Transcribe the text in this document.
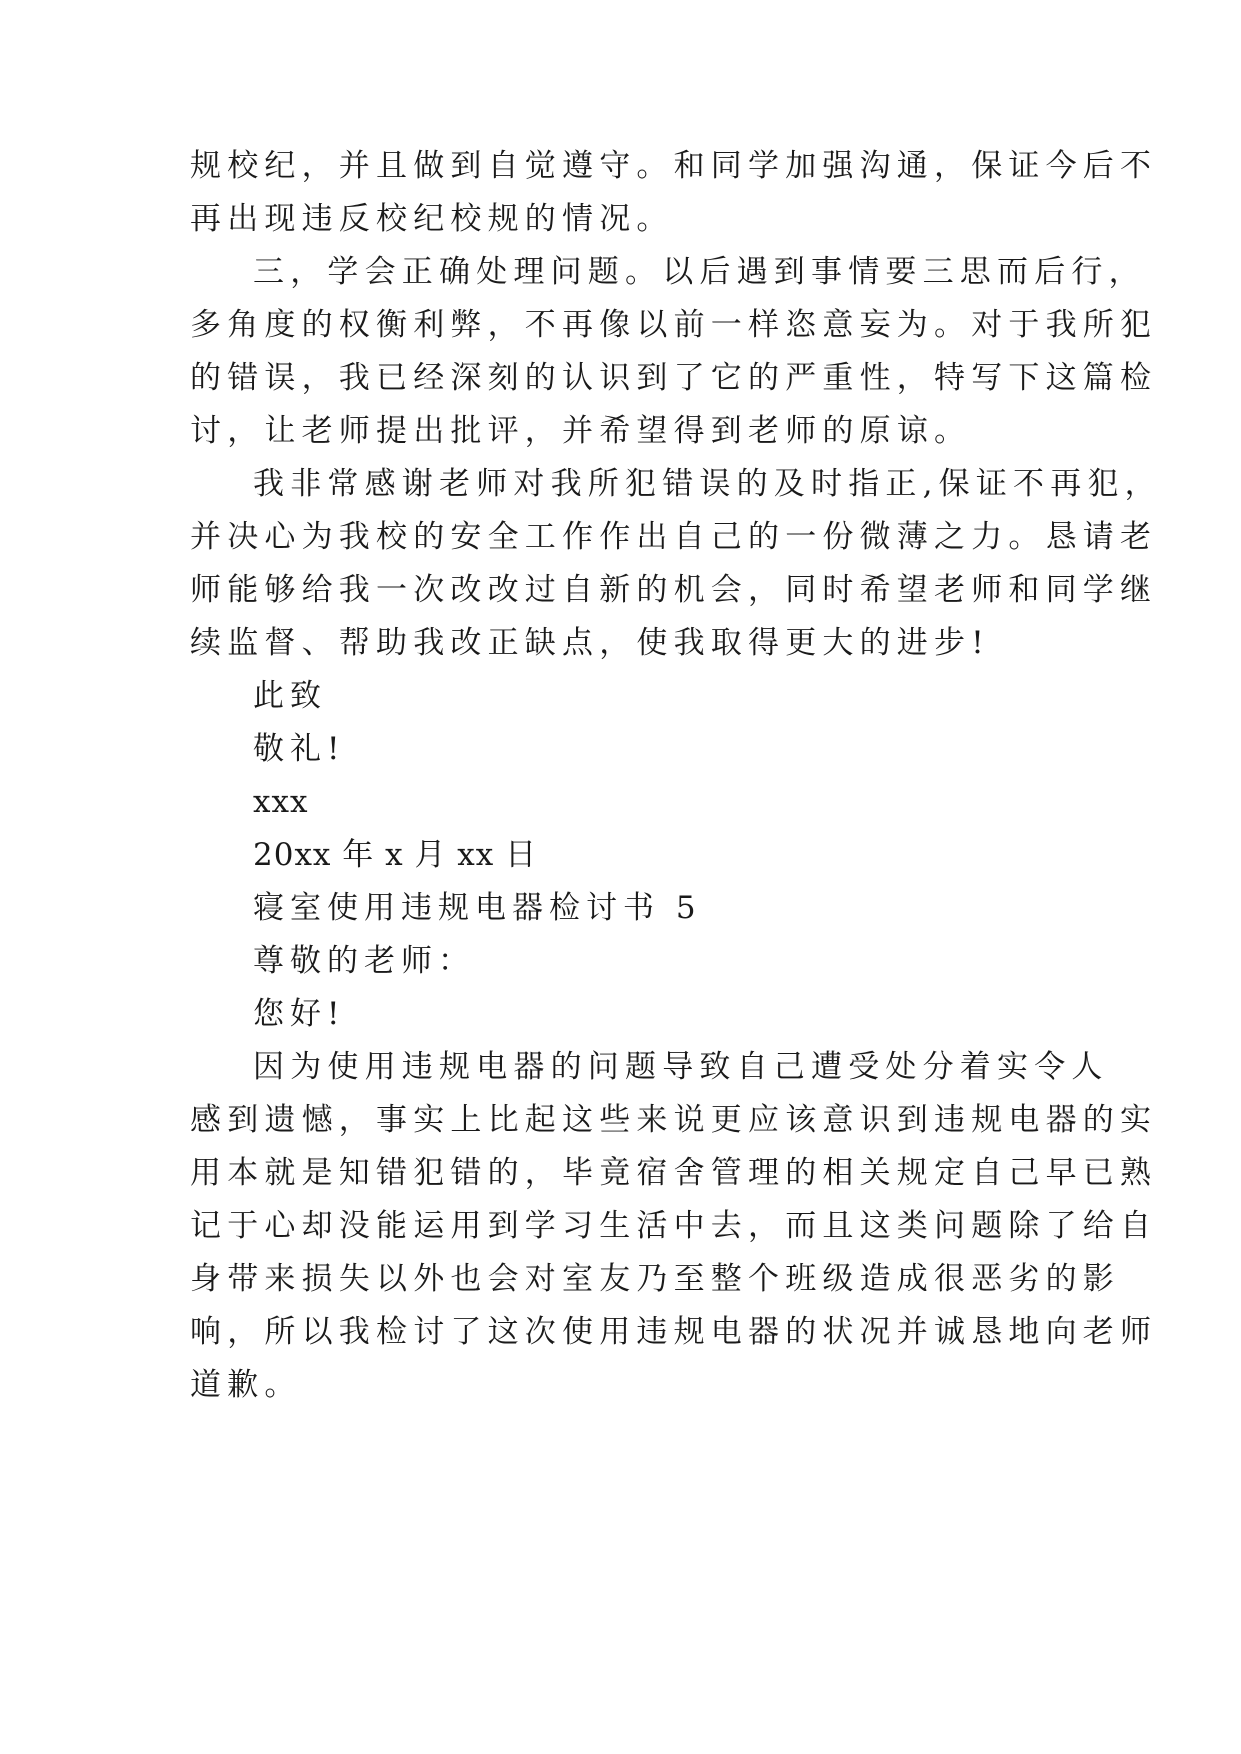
规校纪，并且做到自觉遵守。和同学加强沟通，保证今后不
再出现违反校纪校规的情况。
三，学会正确处理问题。以后遇到事情要三思而后行，
多角度的权衡利弊，不再像以前一样恣意妄为。对于我所犯
的错误，我已经深刻的认识到了它的严重性，特写下这篇检
讨，让老师提出批评，并希望得到老师的原谅。
我非常感谢老师对我所犯错误的及时指正,保证不再犯，
并决心为我校的安全工作作出自己的一份微薄之力。恳请老
师能够给我一次改改过自新的机会，同时希望老师和同学继
续监督、帮助我改正缺点，使我取得更大的进步!
此致
敬礼!
xxx
20xx 年 x 月 xx 日
寝室使用违规电器检讨书 5
尊敬的老师：
您好!
因为使用违规电器的问题导致自己遭受处分着实令人
感到遗憾，事实上比起这些来说更应该意识到违规电器的实
用本就是知错犯错的，毕竟宿舍管理的相关规定自己早已熟
记于心却没能运用到学习生活中去，而且这类问题除了给自
身带来损失以外也会对室友乃至整个班级造成很恶劣的影
响，所以我检讨了这次使用违规电器的状况并诚恳地向老师
道歉。
